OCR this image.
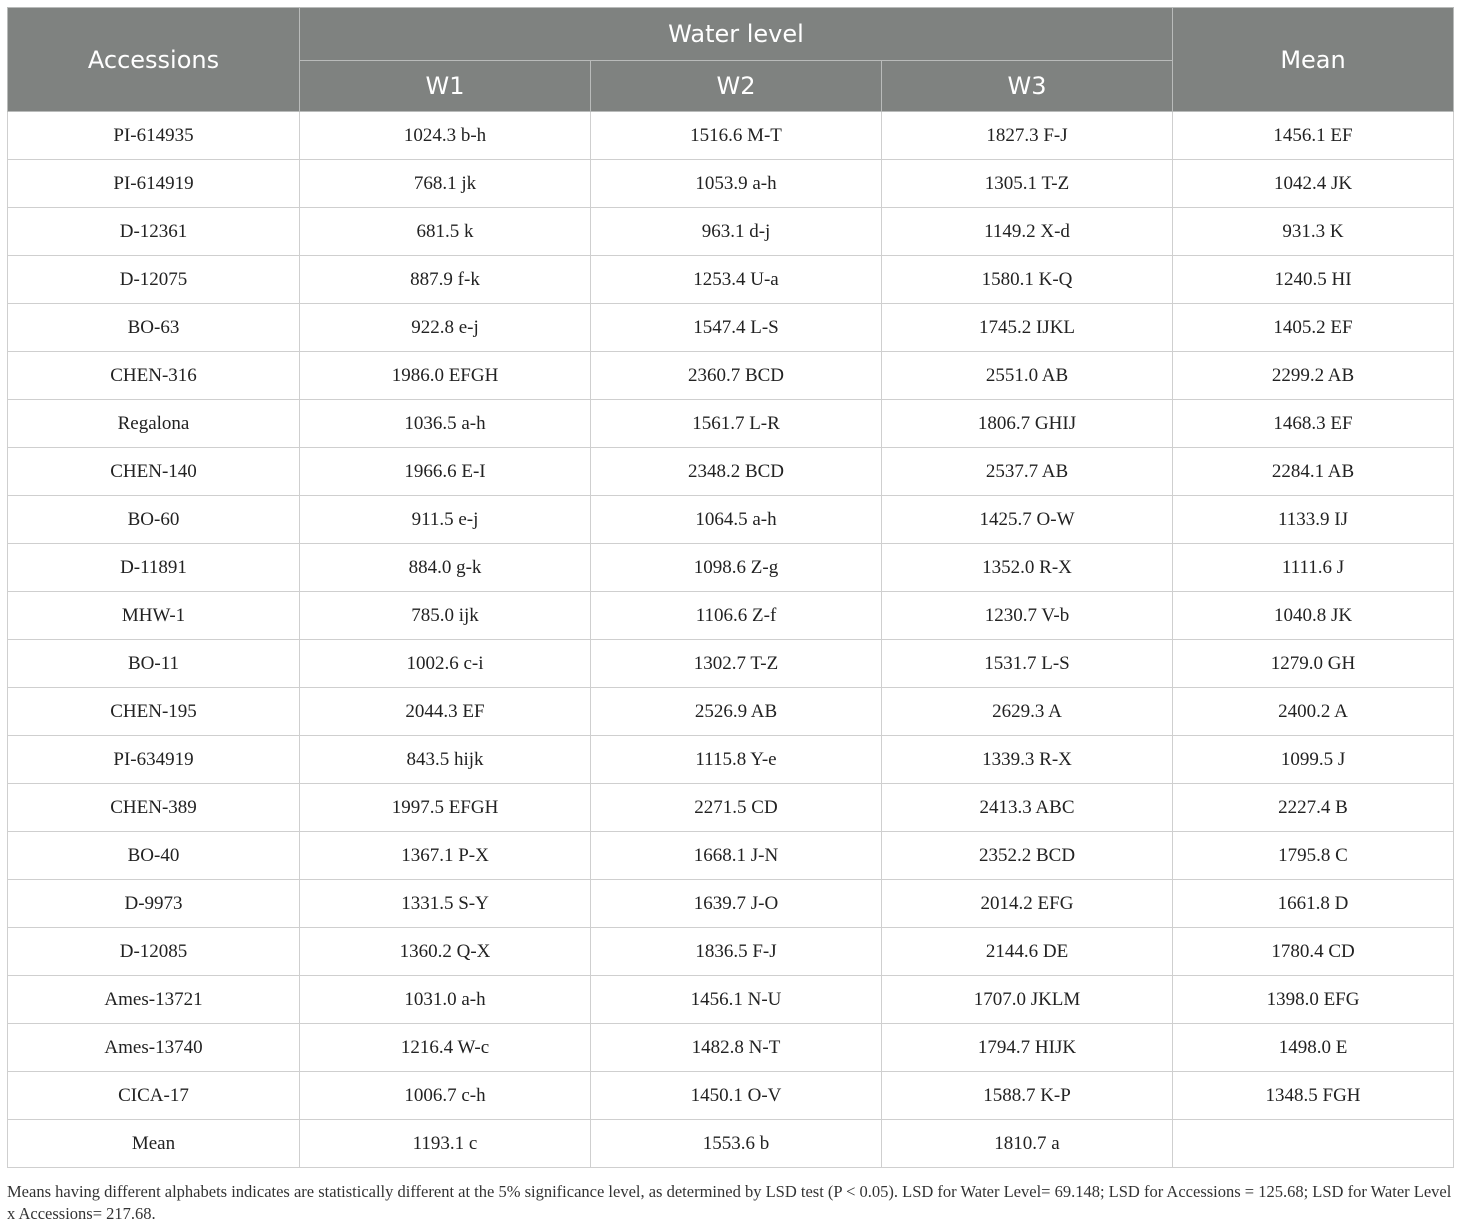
Accessions	Water level			Mean
	W1	W2	W3	
PI-614935	1024.3 b-h	1516.6 M-T	1827.3 F-J	1456.1 EF
PI-614919	768.1 jk	1053.9 a-h	1305.1 T-Z	1042.4 JK
D-12361	681.5 k	963.1 d-j	1149.2 X-d	931.3 K
D-12075	887.9 f-k	1253.4 U-a	1580.1 K-Q	1240.5 HI
BO-63	922.8 e-j	1547.4 L-S	1745.2 IJKL	1405.2 EF
CHEN-316	1986.0 EFGH	2360.7 BCD	2551.0 AB	2299.2 AB
Regalona	1036.5 a-h	1561.7 L-R	1806.7 GHIJ	1468.3 EF
CHEN-140	1966.6 E-I	2348.2 BCD	2537.7 AB	2284.1 AB
BO-60	911.5 e-j	1064.5 a-h	1425.7 O-W	1133.9 IJ
D-11891	884.0 g-k	1098.6 Z-g	1352.0 R-X	1111.6 J
MHW-1	785.0 ijk	1106.6 Z-f	1230.7 V-b	1040.8 JK
BO-11	1002.6 c-i	1302.7 T-Z	1531.7 L-S	1279.0 GH
CHEN-195	2044.3 EF	2526.9 AB	2629.3 A	2400.2 A
PI-634919	843.5 hijk	1115.8 Y-e	1339.3 R-X	1099.5 J
CHEN-389	1997.5 EFGH	2271.5 CD	2413.3 ABC	2227.4 B
BO-40	1367.1 P-X	1668.1 J-N	2352.2 BCD	1795.8 C
D-9973	1331.5 S-Y	1639.7 J-O	2014.2 EFG	1661.8 D
D-12085	1360.2 Q-X	1836.5 F-J	2144.6 DE	1780.4 CD
Ames-13721	1031.0 a-h	1456.1 N-U	1707.0 JKLM	1398.0 EFG
Ames-13740	1216.4 W-c	1482.8 N-T	1794.7 HIJK	1498.0 E
CICA-17	1006.7 c-h	1450.1 O-V	1588.7 K-P	1348.5 FGH
Mean	1193.1 c	1553.6 b	1810.7 a	
Means having different alphabets indicates are statistically different at the 5% significance level, as determined by LSD test (P < 0.05). LSD for Water Level= 69.148; LSD for Accessions = 125.68; LSD for Water Level x Accessions= 217.68.
